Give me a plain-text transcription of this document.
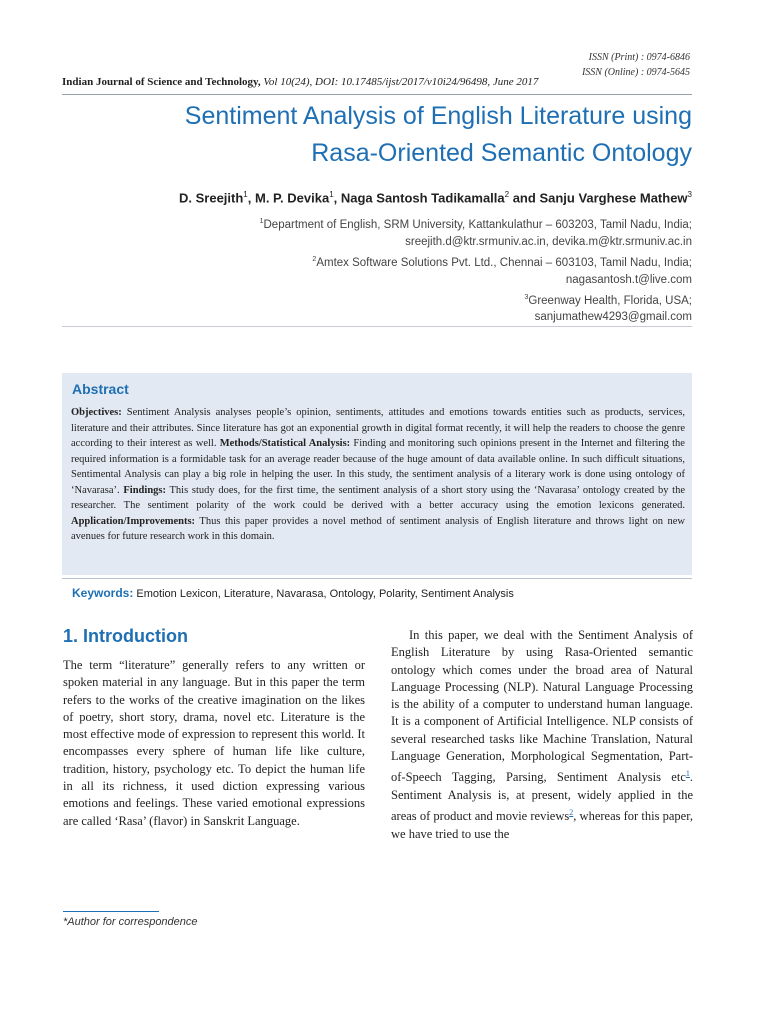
ISSN (Print) : 0974-6846
ISSN (Online) : 0974-5645
Indian Journal of Science and Technology, Vol 10(24), DOI: 10.17485/ijst/2017/v10i24/96498, June 2017
Sentiment Analysis of English Literature using
Rasa-Oriented Semantic Ontology
D. Sreejith$^1$, M. P. Devika$^1$, Naga Santosh Tadikamalla$^2$ and Sanju Varghese Mathew$^3$
$^1$Department of English, SRM University, Kattankulathur – 603203, Tamil Nadu, India;
sreejith.d@ktr.srmuniv.ac.in, devika.m@ktr.srmuniv.ac.in
$^2$Amtex Software Solutions Pvt. Ltd., Chennai – 603103, Tamil Nadu, India;
nagasantosh.t@live.com
$^3$Greenway Health, Florida, USA;
sanjumathew4293@gmail.com
Abstract
Objectives: Sentiment Analysis analyses people’s opinion, sentiments, attitudes and emotions towards entities such as products, services, literature and their attributes. Since literature has got an exponential growth in digital format recently, it will help the readers to choose the genre according to their interest as well. Methods/Statistical Analysis: Finding and monitoring such opinions present in the Internet and filtering the required information is a formidable task for an average reader because of the huge amount of data available online. In such difficult situations, Sentimental Analysis can play a big role in helping the user. In this study, the sentiment analysis of a literary work is done using ontology of ‘Navarasa’. Findings: This study does, for the first time, the sentiment analysis of a short story using the ‘Navarasa’ ontology created by the researcher. The sentiment polarity of the work could be derived with a better accuracy using the emotion lexicons generated. Application/Improvements: Thus this paper provides a novel method of sentiment analysis of English literature and throws light on new avenues for future research work in this domain.
Keywords: Emotion Lexicon, Literature, Navarasa, Ontology, Polarity, Sentiment Analysis
1. Introduction

The term “literature” generally refers to any written or spoken material in any language. But in this paper the term refers to the works of the creative imagination on the likes of poetry, short story, drama, novel etc. Literature is the most effective mode of expression to represent this world. It encompasses every sphere of human life like culture, tradition, history, psychology etc. To depict the human life in all its richness, it used diction expressing various emotions and feelings. These varied emotional expressions are called ‘Rasa’ (flavor) in Sanskrit Language.

In this paper, we deal with the Sentiment Analysis of English Literature by using Rasa-Oriented semantic ontology which comes under the broad area of Natural Language Processing (NLP). Natural Language Processing is the ability of a computer to understand human language. It is a component of Artificial Intelligence. NLP consists of several researched tasks like Machine Translation, Natural Language Generation, Morphological Segmentation, Part-of-Speech Tagging, Parsing, Sentiment Analysis etc$^1$. Sentiment Analysis is, at present, widely applied in the areas of product and movie reviews$^2$, whereas for this paper, we have tried to use the

*Author for correspondence
